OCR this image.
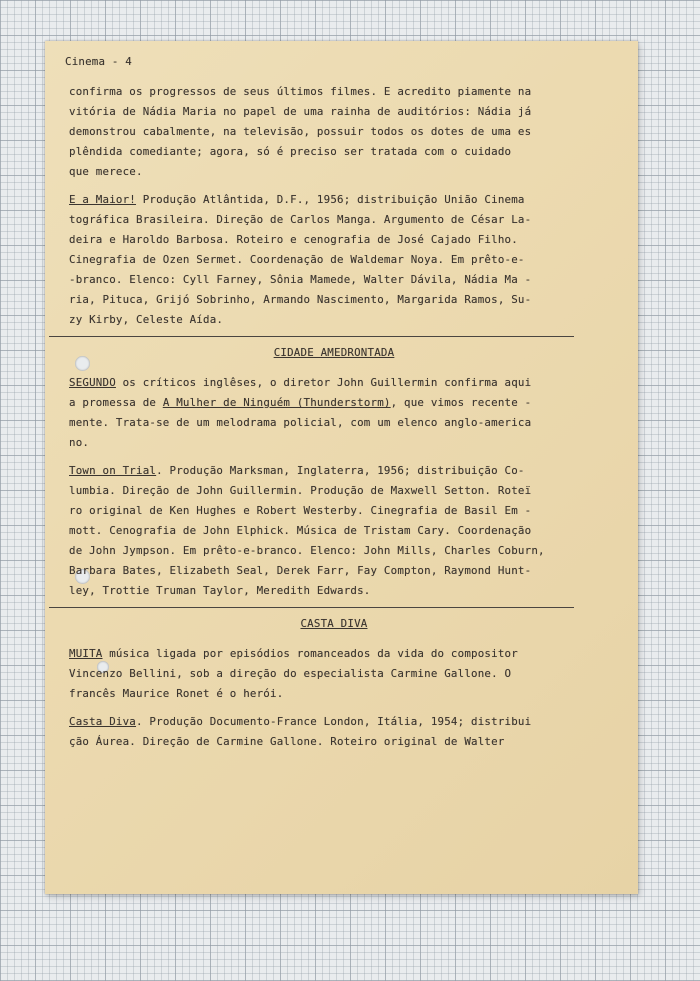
Cinema - 4
confirma os progressos de seus últimos filmes. E acredito piamente na
vitória de Nádia Maria no papel de uma rainha de auditórios: Nádia já
demonstrou cabalmente, na televisão, possuir todos os dotes de uma es
plêndida comediante; agora, só é preciso ser tratada com o cuidado
que merece.
E a Maior! Produção Atlântida, D.F., 1956; distribuição União Cinema
tográfica Brasileira. Direção de Carlos Manga. Argumento de César La-
deira e Haroldo Barbosa. Roteiro e cenografia de José Cajado Filho.
Cinegrafia de Ozen Sermet. Coordenação de Waldemar Noya. Em prêto-e-
-branco. Elenco: Cyll Farney, Sônia Mamede, Walter Dávila, Nádia Ma -
ria, Pituca, Grijó Sobrinho, Armando Nascimento, Margarida Ramos, Su-
zy Kirby, Celeste Aída.
CIDADE AMEDRONTADA
SEGUNDO os críticos inglêses, o diretor John Guillermin confirma aqui
a promessa de A Mulher de Ninguém (Thunderstorm), que vimos recente -
mente. Trata-se de um melodrama policial, com um elenco anglo-america
no.
Town on Trial. Produção Marksman, Inglaterra, 1956; distribuição Co-
lumbia. Direção de John Guillermin. Produção de Maxwell Setton. Roteï
ro original de Ken Hughes e Robert Westerby. Cinegrafia de Basil Em -
mott. Cenografia de John Elphick. Música de Tristam Cary. Coordenação
de John Jympson. Em prêto-e-branco. Elenco: John Mills, Charles Coburn,
Barbara Bates, Elizabeth Seal, Derek Farr, Fay Compton, Raymond Hunt-
ley, Trottie Truman Taylor, Meredith Edwards.
CASTA DIVA
MUITA música ligada por episódios romanceados da vida do compositor
Vincenzo Bellini, sob a direção do especialista Carmine Gallone. O
francês Maurice Ronet é o herói.
Casta Diva. Produção Documento-France London, Itália, 1954; distribui
ção Áurea. Direção de Carmine Gallone. Roteiro original de Walter
